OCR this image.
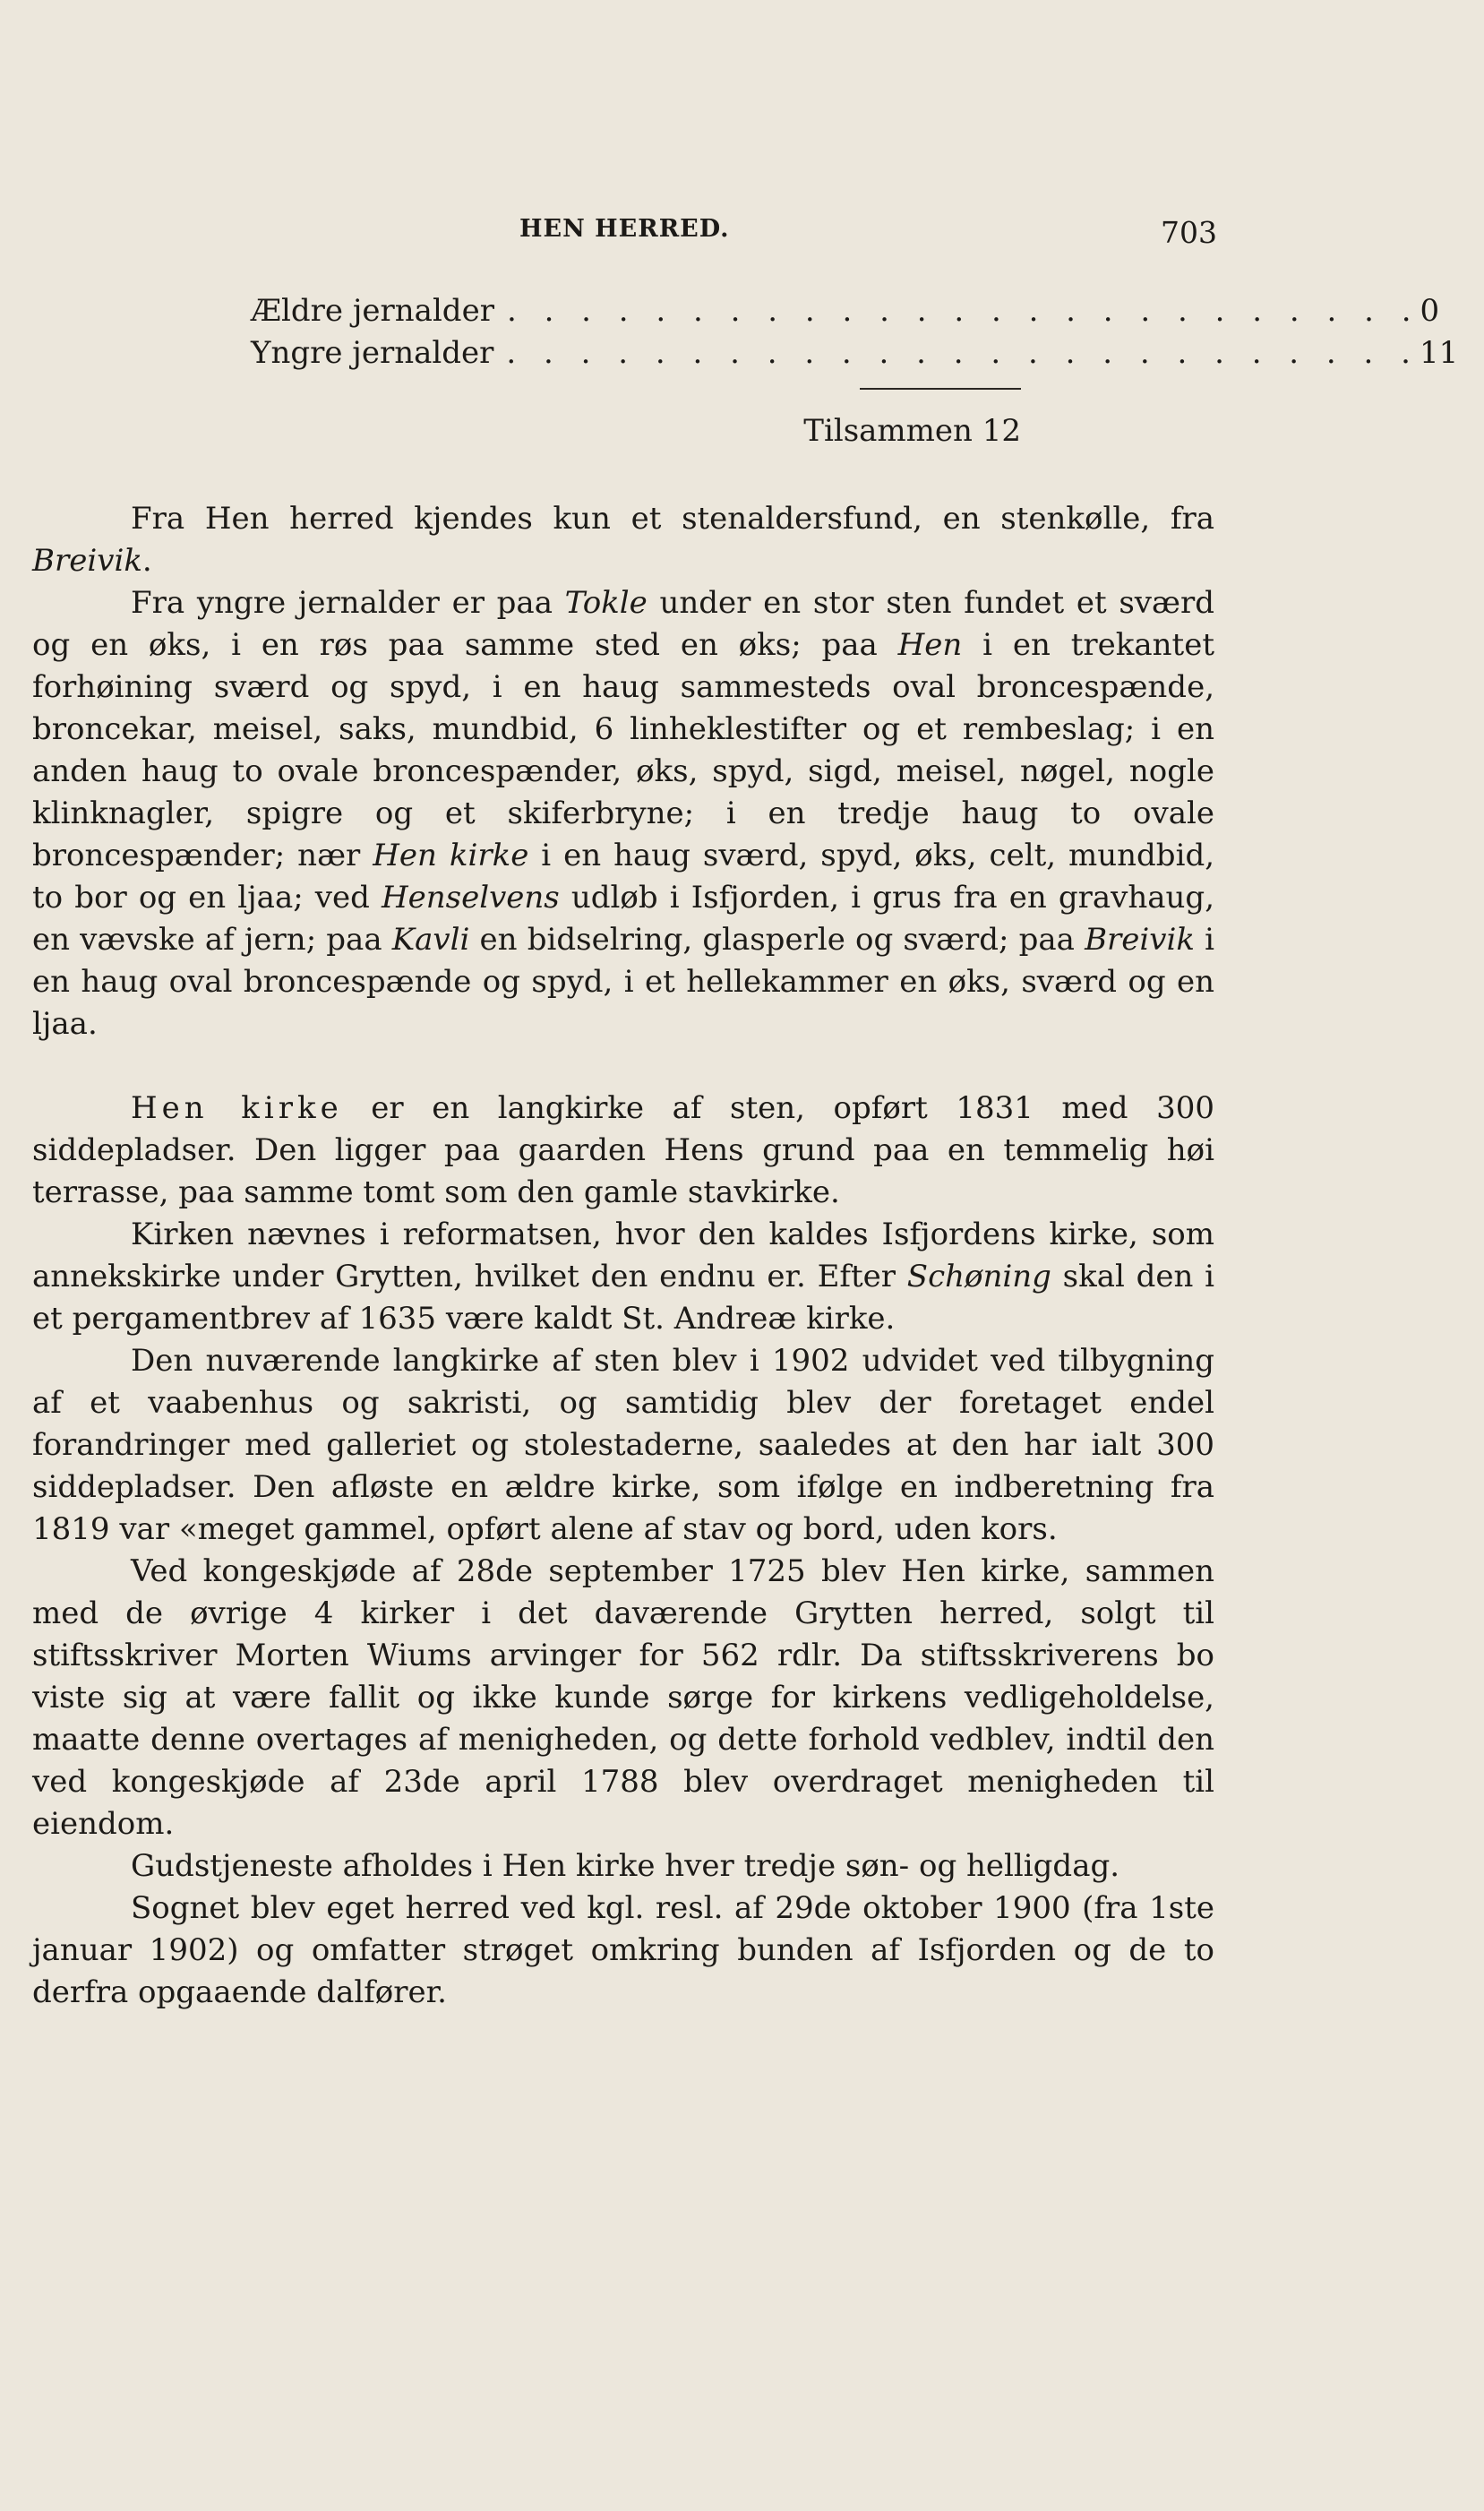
HEN HERRED.	703
Ældre jernalder . . . . . . . . . . . . . . . . . . . . . . . . . 0
Yngre jernalder . . . . . . . . . . . . . . . . . . . . . . . . . 11
Tilsammen 12

Fra Hen herred kjendes kun et stenaldersfund, en stenkølle, fra Breivik.

Fra yngre jernalder er paa Tokle under en stor sten fundet et sværd og en øks, i en røs paa samme sted en øks; paa Hen i en trekantet forhøining sværd og spyd, i en haug sammesteds oval broncespænde, broncekar, meisel, saks, mundbid, 6 linheklestifter og et rembeslag; i en anden haug to ovale broncespænder, øks, spyd, sigd, meisel, nøgel, nogle klinknagler, spigre og et skiferbryne; i en tredje haug to ovale broncespænder; nær Hen kirke i en haug sværd, spyd, øks, celt, mundbid, to bor og en ljaa; ved Henselvens udløb i Isfjorden, i grus fra en gravhaug, en vævske af jern; paa Kavli en bidselring, glasperle og sværd; paa Breivik i en haug oval broncespænde og spyd, i et hellekammer en øks, sværd og en ljaa.

Hen kirke er en langkirke af sten, opført 1831 med 300 siddepladser. Den ligger paa gaarden Hens grund paa en temmelig høi terrasse, paa samme tomt som den gamle stavkirke.

Kirken nævnes i reformatsen, hvor den kaldes Isfjordens kirke, som annekskirke under Grytten, hvilket den endnu er. Efter Schøning skal den i et pergamentbrev af 1635 være kaldt St. Andreæ kirke.

Den nuværende langkirke af sten blev i 1902 udvidet ved tilbygning af et vaabenhus og sakristi, og samtidig blev der foretaget endel forandringer med galleriet og stolestaderne, saaledes at den har ialt 300 siddepladser. Den afløste en ældre kirke, som ifølge en indberetning fra 1819 var «meget gammel, opført alene af stav og bord, uden kors.

Ved kongeskjøde af 28de september 1725 blev Hen kirke, sammen med de øvrige 4 kirker i det daværende Grytten herred, solgt til stiftsskriver Morten Wiums arvinger for 562 rdlr. Da stiftsskriverens bo viste sig at være fallit og ikke kunde sørge for kirkens vedligeholdelse, maatte denne overtages af menigheden, og dette forhold vedblev, indtil den ved kongeskjøde af 23de april 1788 blev overdraget menigheden til eiendom.

Gudstjeneste afholdes i Hen kirke hver tredje søn- og helligdag.

Sognet blev eget herred ved kgl. resl. af 29de oktober 1900 (fra 1ste januar 1902) og omfatter strøget omkring bunden af Isfjorden og de to derfra opgaaende dalfører.
